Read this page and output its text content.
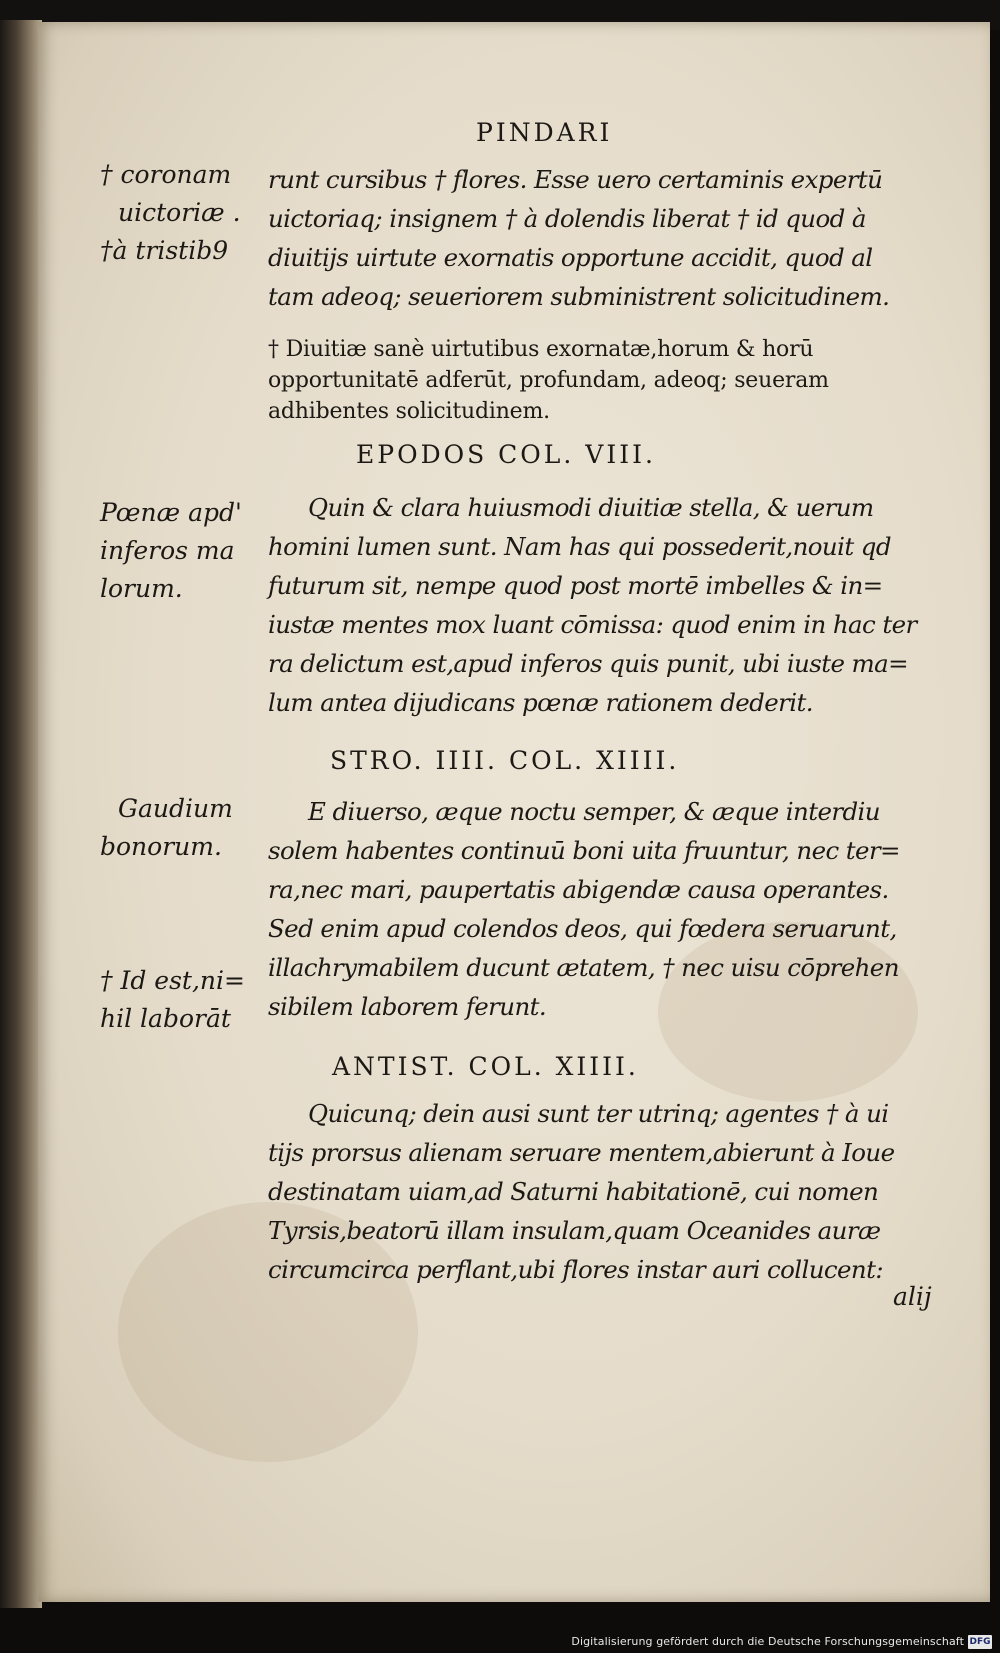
PINDARI
† coronam
uictoriæ .
†à tristib9
Pœnæ apd'
inferos ma
lorum.
Gaudium
bonorum.
† Id est,ni=
hil laborāt
runt cursibus † flores. Esse uero certaminis expertū
uictoriaq; insignem † à dolendis liberat † id quod à
diuitijs uirtute exornatis opportune accidit, quod al
tam adeoq; seueriorem subministrent solicitudinem.
† Diuitiæ sanè uirtutibus exornatæ,horum & horū
opportunitatē adferūt, profundam, adeoq; seueram
adhibentes solicitudinem.
EPODOS COL. VIII.
Quin & clara huiusmodi diuitiæ stella, & uerum
homini lumen sunt. Nam has qui possederit,nouit qd
futurum sit, nempe quod post mortē imbelles & in=
iustæ mentes mox luant cōmissa: quod enim in hac ter
ra delictum est,apud inferos quis punit, ubi iuste ma=
lum antea dijudicans pœnæ rationem dederit.
STRO. IIII. COL. XIIII.
E diuerso, æque noctu semper, & æque interdiu
solem habentes continuū boni uita fruuntur, nec ter=
ra,nec mari, paupertatis abigendæ causa operantes.
Sed enim apud colendos deos, qui fœdera seruarunt,
illachrymabilem ducunt ætatem, † nec uisu cōprehen
sibilem laborem ferunt.
ANTIST. COL. XIIII.
Quicunq; dein ausi sunt ter utrinq; agentes † à ui
tijs prorsus alienam seruare mentem,abierunt à Ioue
destinatam uiam,ad Saturni habitationē, cui nomen
Tyrsis,beatorū illam insulam,quam Oceanides auræ
circumcirca perflant,ubi flores instar auri collucent:
alij
Digitalisierung gefördert durch die Deutsche Forschungsgemeinschaft DFG
